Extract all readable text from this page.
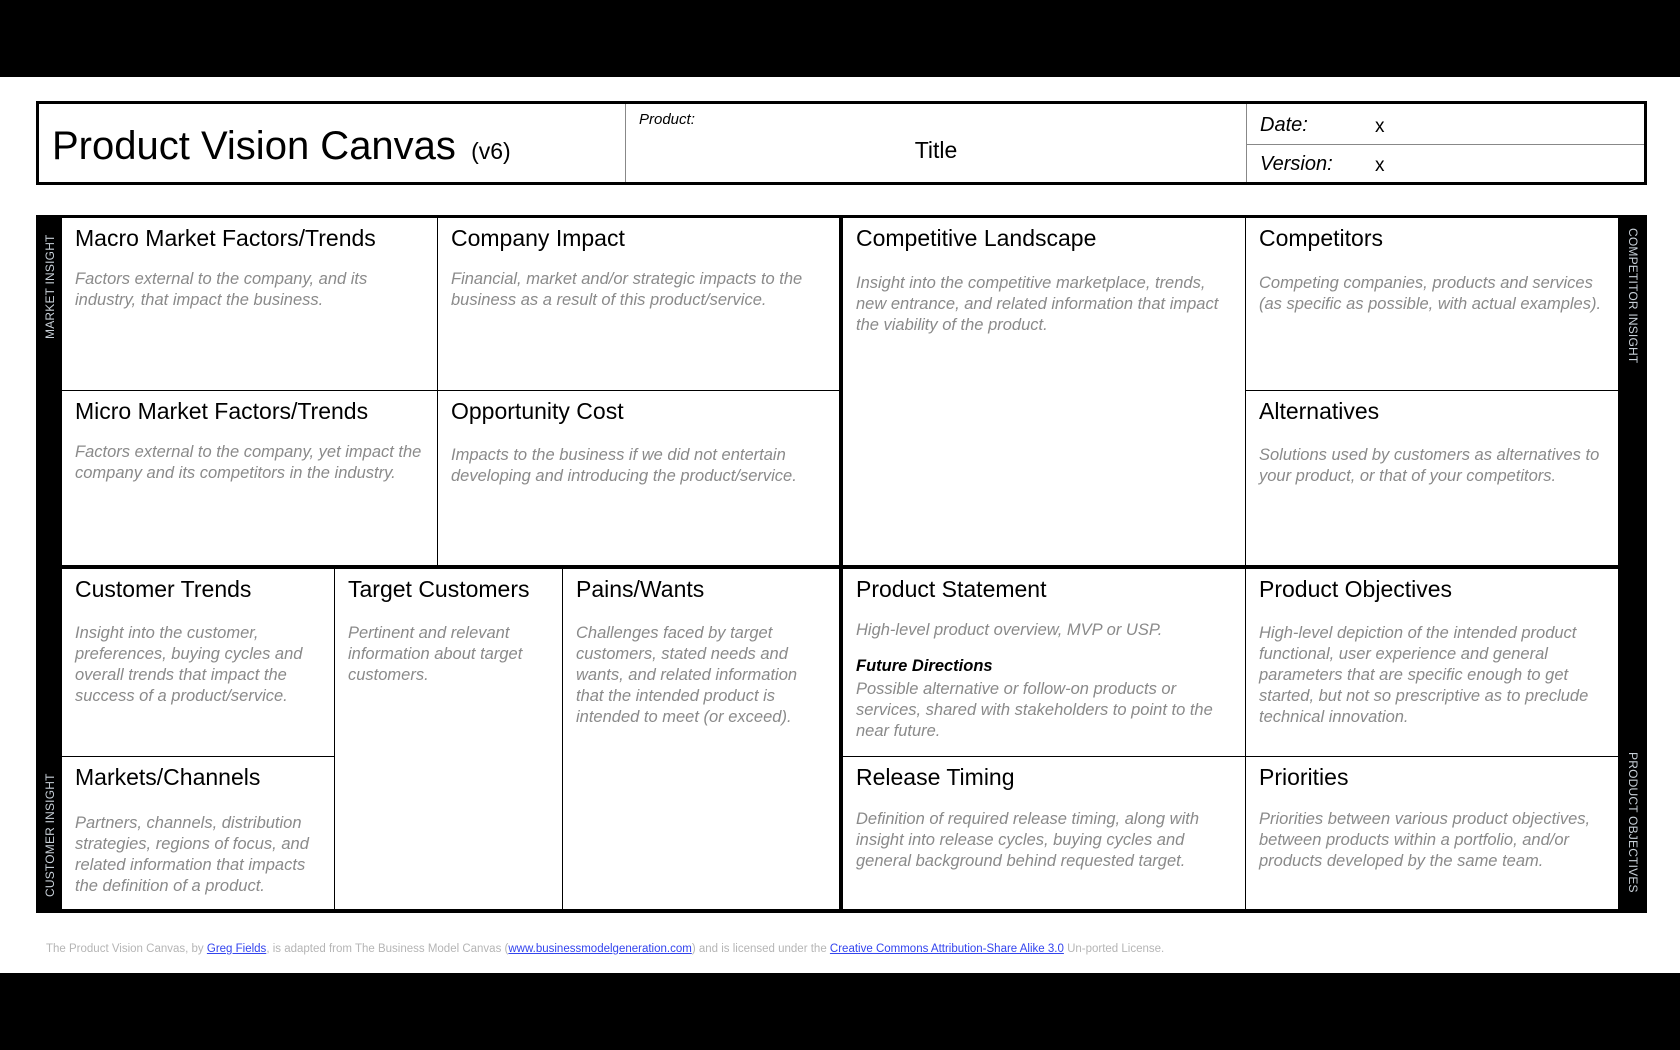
Product Vision Canvas (v6)
Product:
Title
Date:	x
Version: x
MARKET INSIGHT
CUSTOMER INSIGHT
COMPETITOR INSIGHT
PRODUCT OBJECTIVES
Macro Market Factors/Trends
Factors external to the company, and its industry, that impact the business.
Company Impact
Financial, market and/or strategic impacts to the business as a result of this product/service.
Competitive Landscape
Insight into the competitive marketplace, trends, new entrance, and related information that impact the viability of the product.
Competitors
Competing companies, products and services (as specific as possible, with actual examples).
Micro Market Factors/Trends
Factors external to the company, yet impact the company and its competitors in the industry.
Opportunity Cost
Impacts to the business if we did not entertain developing and introducing the product/service.
Alternatives
Solutions used by customers as alternatives to your product, or that of your competitors.
Customer Trends
Insight into the customer, preferences, buying cycles and overall trends that impact the success of a product/service.
Target Customers
Pertinent and relevant information about target customers.
Pains/Wants
Challenges faced by target customers, stated needs and wants, and related information that the intended product is intended to meet (or exceed).
Product Statement
High-level product overview, MVP or USP.
Future Directions
Possible alternative or follow-on products or services, shared with stakeholders to point to the near future.
Product Objectives
High-level depiction of the intended product functional, user experience and general parameters that are specific enough to get started, but not so prescriptive as to preclude technical innovation.
Markets/Channels
Partners, channels, distribution strategies, regions of focus, and related information that impacts the definition of a product.
Release Timing
Definition of required release timing, along with insight into release cycles, buying cycles and general background behind requested target.
Priorities
Priorities between various product objectives, between products within a portfolio, and/or products developed by the same team.
The Product Vision Canvas, by Greg Fields, is adapted from The Business Model Canvas (www.businessmodelgeneration.com) and is licensed under the Creative Commons Attribution-Share Alike 3.0 Un-ported License.
